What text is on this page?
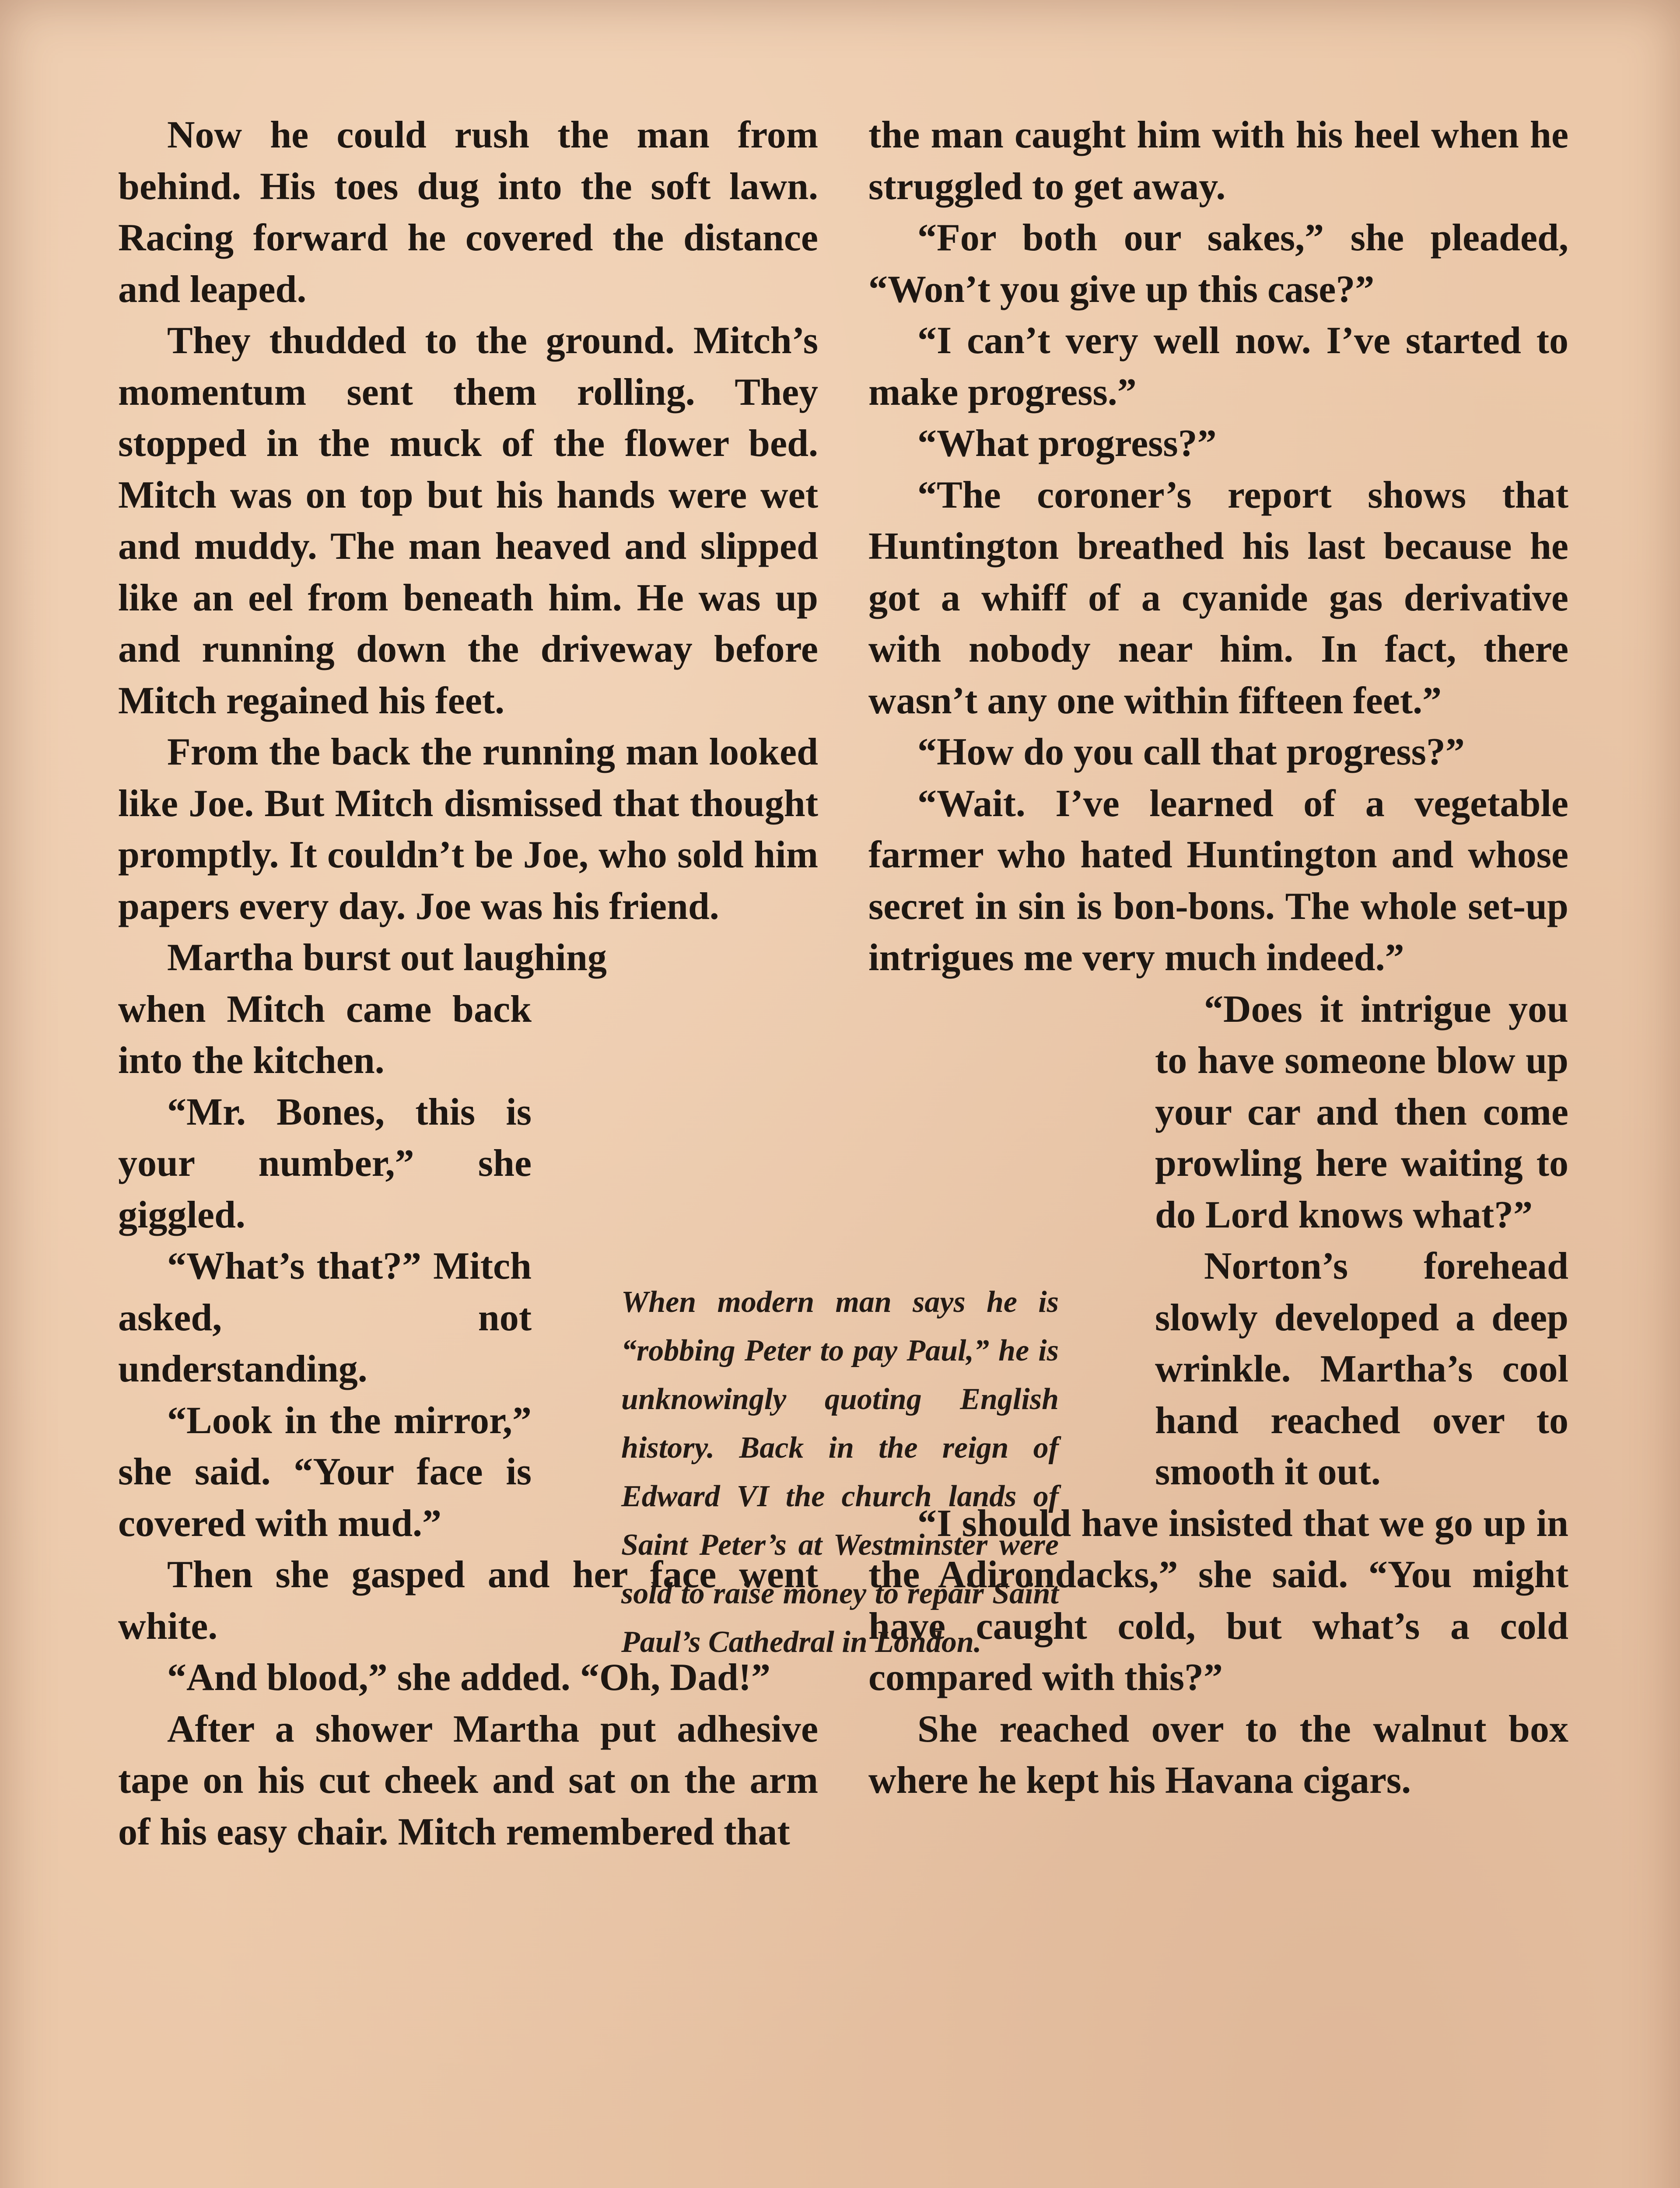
Now he could rush the man from behind. His toes dug into the soft lawn. Racing forward he covered the distance and leaped.

They thudded to the ground. Mitch’s momentum sent them rolling. They stopped in the muck of the flower bed. Mitch was on top but his hands were wet and muddy. The man heaved and slipped like an eel from beneath him. He was up and running down the driveway before Mitch regained his feet.

From the back the running man looked like Joe. But Mitch dismissed that thought promptly. It couldn’t be Joe, who sold him papers every day. Joe was his friend.

Martha burst out laughing

when Mitch came back into the kitchen.

“Mr. Bones, this is your number,” she giggled.

“What’s that?” Mitch asked, not understanding.

“Look in the mirror,” she said. “Your face is covered with mud.”

Then she gasped and her face went white.

“And blood,” she added. “Oh, Dad!”

After a shower Martha put adhesive tape on his cut cheek and sat on the arm of his easy chair. Mitch remembered that

the man caught him with his heel when he struggled to get away.

“For both our sakes,” she pleaded, “Won’t you give up this case?”

“I can’t very well now. I’ve started to make progress.”

“What progress?”

“The coroner’s report shows that Huntington breathed his last because he got a whiff of a cyanide gas derivative with nobody near him. In fact, there wasn’t any one within fifteen feet.”

“How do you call that progress?”

“Wait. I’ve learned of a vegetable farmer who hated Huntington and whose secret in sin is bon-bons. The whole set-up intrigues me very much indeed.”

“Does it intrigue you to have someone blow up your car and then come prowling here waiting to do Lord knows what?”

Norton’s forehead slowly developed a deep wrinkle. Martha’s cool hand reached over to smooth it out.

“I should have insisted that we go up in the Adirondacks,” she said. “You might have caught cold, but what’s a cold compared with this?”

She reached over to the walnut box where he kept his Havana cigars.

When modern man says he is “robbing Peter to pay Paul,” he is unknowingly quoting English history. Back in the reign of Edward VI the church lands of Saint Peter’s at Westminster were sold to raise money to repair Saint Paul’s Cathedral in London.
